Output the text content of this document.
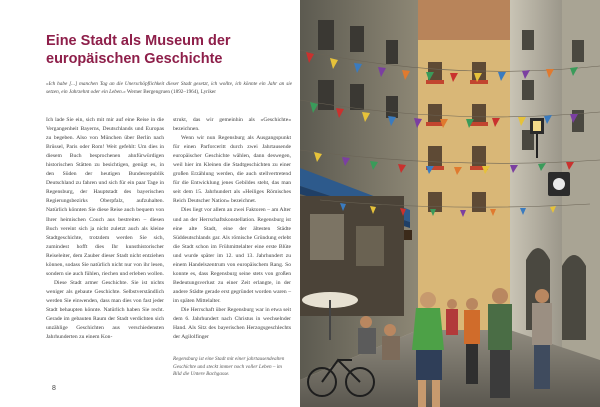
Eine Stadt als Museum der europäischen Geschichte
»Ich habe [...] manchen Tag an die Unerschöpflichkeit dieser Stadt gesetzt, ich wollte, ich könnte ein Jahr an sie setzen, ein Jahrzehnt oder ein Leben.« Werner Bergengruen (1892–1964), Lyriker

Ich lade Sie ein, sich mit mir auf eine Reise in die Vergangenheit Bayerns, Deutschlands und Europas zu begeben. Also von München über Berlin nach Brüssel, Paris oder Rom! Weit gefehlt: Um dies in diesem Buch besprochenen ahnfürwürdigen historischen Stätten zu besichtigen, genügt es, in den Süden der heutigen Bundesrepublik Deutschland zu fahren und sich für ein paar Tage in Regensburg, der Hauptstadt des bayerischen Regierungsbezirks Oberpfalz, aufzuhalten. Natürlich könnten Sie diese Reise auch bequem von Ihrer heimischen Couch aus bestreiten – diesen Buch vereint sich ja nicht zuletzt auch als kleine Stadtgeschichte, trotzdem werden Sie sich, zumindest hofft dies Ihr kunsthistorischer Reiseleiter, dem Zauber dieser Stadt nicht entziehen können, sodass Sie natürlich nicht nur von ihr lesen, sondern sie auch fühlen, riechen und erleben wollen.

Diese Stadt armer Geschichte. Sie ist nichts weniger als gebaute Geschichte. Selbstverständlich werden Sie einwenden, dass man dies von fast jeder Stadt behaupten könnte. Natürlich haben Sie recht. Gerade im gebauten Raum der Stadt verdichten sich unzählige Geschichten aus verschiedensten Jahrhunderten zu einem Kon-

strukt, das wir gemeinhin als »Geschichte« bezeichnen.

Wenn wir nun Regensburg als Ausgangspunkt für einen Parforceritt durch zwei Jahrtausende europäischer Geschichte wählen, dann deswegen, weil hier im Kleinen die Stadtgeschichten zu einer großen Erzählung werden, die auch stellvertretend für die Entwicklung jenes Gebildes steht, das man seit dem 15. Jahrhundert als »Heiliges Römisches Reich Deutscher Nation« bezeichnet.

Dies liegt vor allem an zwei Faktoren – am Alter und an der Herrschaftskonstellation. Regensburg ist eine alte Stadt, eine der ältesten Städte Süddeutschlands gar. Als römische Gründung erlebt die Stadt schon im Frühmittelalter eine erste Blüte und wurde später im 12. und 13. Jahrhundert zu einem Handelszentrum von europäischem Rang. So konnte es, dass Regensburg seine stets von großen Bedeutungsverlust zu einer Zeit erlangte, in der andere Städte gerade erst gegründet worden waren – im späten Mittelalter.

Die Herrschaft über Regensburg war in etwa seit dem 6. Jahrhundert nach Christus in wechselnder Hand. Als Sitz des bayerischen Herzogsgeschlechts der Agilolfinger

Regensburg ist eine Stadt mit einer jahrtausendealten Geschichte und steckt immer noch voller Leben – im Bild die Untere Bachgasse.
8
